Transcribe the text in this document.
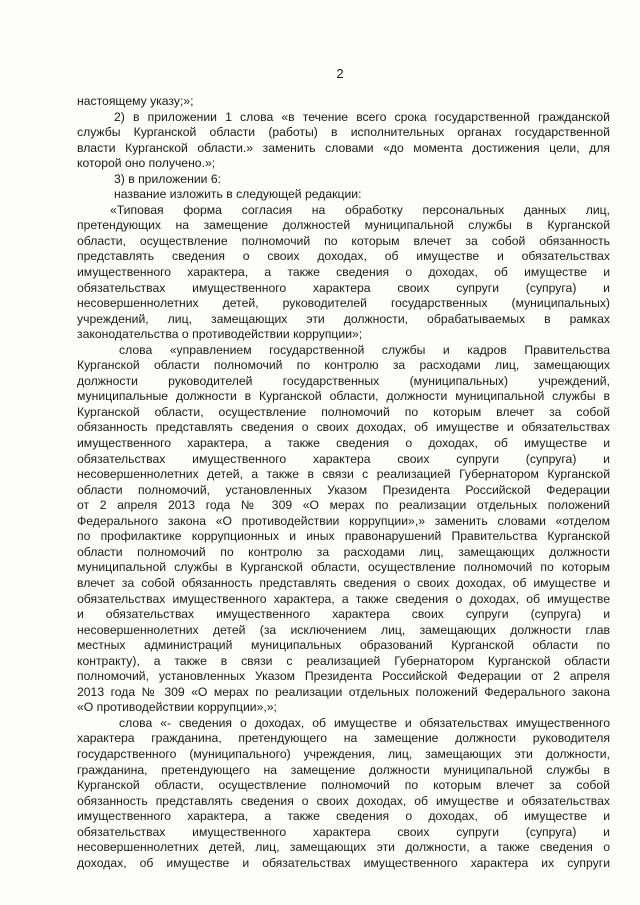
2
настоящему указу;»;
2) в приложении 1 слова «в течение всего срока государственной гражданской
службы Курганской области (работы) в исполнительных органах государственной
власти Курганской области.» заменить словами «до момента достижения цели, для
которой оно получено.»;
3) в приложении 6:
название изложить в следующей редакции:
«Типовая форма согласия на обработку персональных данных лиц,
претендующих на замещение должностей муниципальной службы в Курганской
области, осуществление полномочий по которым влечет за собой обязанность
представлять сведения о своих доходах, об имуществе и обязательствах
имущественного характера, а также сведения о доходах, об имуществе и
обязательствах имущественного характера своих супруги (супруга) и
несовершеннолетних детей, руководителей государственных (муниципальных)
учреждений, лиц, замещающих эти должности, обрабатываемых в рамках
законодательства о противодействии коррупции»;
слова «управлением государственной службы и кадров Правительства
Курганской области полномочий по контролю за расходами лиц, замещающих
должности руководителей государственных (муниципальных) учреждений,
муниципальные должности в Курганской области, должности муниципальной службы в
Курганской области, осуществление полномочий по которым влечет за собой
обязанность представлять сведения о своих доходах, об имуществе и обязательствах
имущественного характера, а также сведения о доходах, об имуществе и
обязательствах имущественного характера своих супруги (супруга) и
несовершеннолетних детей, а также в связи с реализацией Губернатором Курганской
области полномочий, установленных Указом Президента Российской Федерации
от 2 апреля 2013 года № 309 «О мерах по реализации отдельных положений
Федерального закона «О противодействии коррупции»,» заменить словами «отделом
по профилактике коррупционных и иных правонарушений Правительства Курганской
области полномочий по контролю за расходами лиц, замещающих должности
муниципальной службы в Курганской области, осуществление полномочий по которым
влечет за собой обязанность представлять сведения о своих доходах, об имуществе и
обязательствах имущественного характера, а также сведения о доходах, об имуществе
и обязательствах имущественного характера своих супруги (супруга) и
несовершеннолетних детей (за исключением лиц, замещающих должности глав
местных администраций муниципальных образований Курганской области по
контракту), а также в связи с реализацией Губернатором Курганской области
полномочий, установленных Указом Президента Российской Федерации от 2 апреля
2013 года № 309 «О мерах по реализации отдельных положений Федерального закона
«О противодействии коррупции»,»;
слова «- сведения о доходах, об имуществе и обязательствах имущественного
характера гражданина, претендующего на замещение должности руководителя
государственного (муниципального) учреждения, лиц, замещающих эти должности,
гражданина, претендующего на замещение должности муниципальной службы в
Курганской области, осуществление полномочий по которым влечет за собой
обязанность представлять сведения о своих доходах, об имуществе и обязательствах
имущественного характера, а также сведения о доходах, об имуществе и
обязательствах имущественного характера своих супруги (супруга) и
несовершеннолетних детей, лиц, замещающих эти должности, а также сведения о
доходах, об имуществе и обязательствах имущественного характера их супруги
